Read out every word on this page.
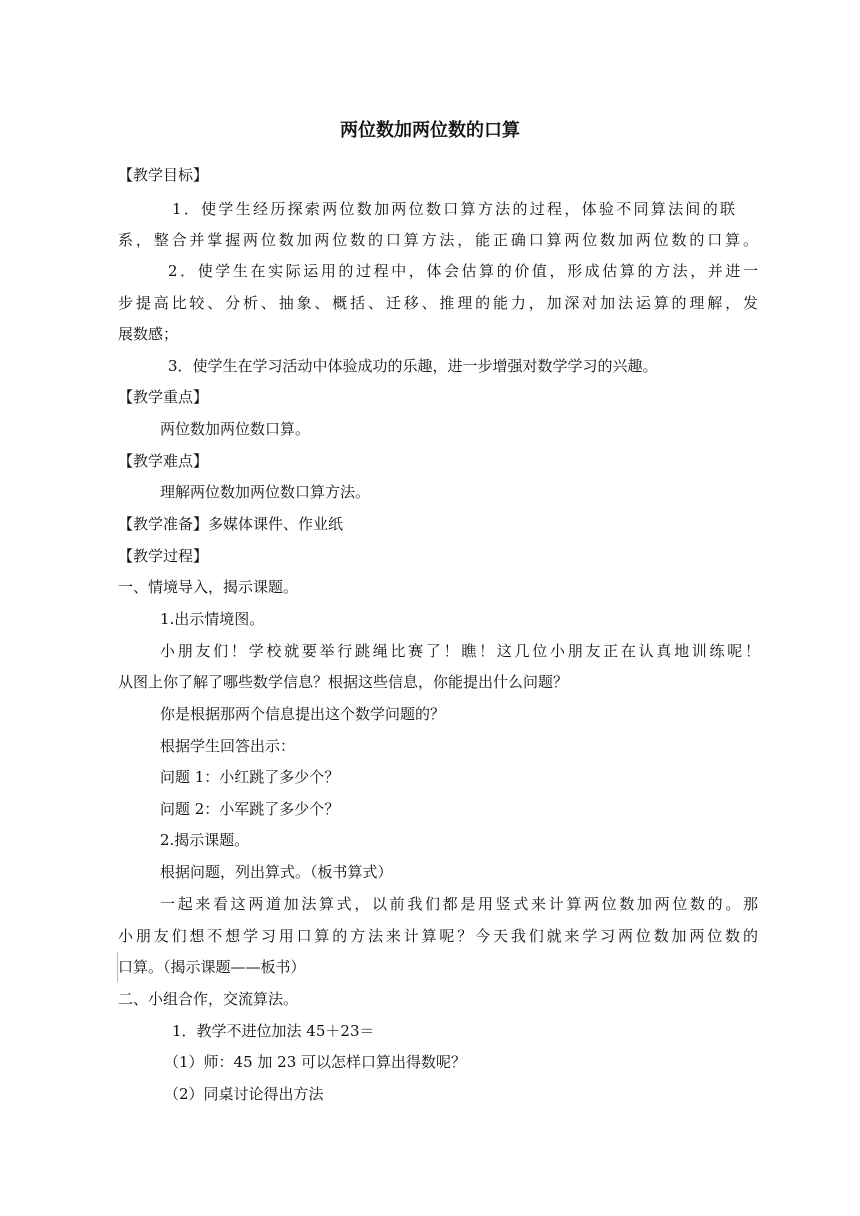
两位数加两位数的口算
【教学目标】
1．使学生经历探索两位数加两位数口算方法的过程，体验不同算法间的联
系，整合并掌握两位数加两位数的口算方法，能正确口算两位数加两位数的口算。
2．使学生在实际运用的过程中，体会估算的价值，形成估算的方法，并进一
步提高比较、分析、抽象、概括、迁移、推理的能力，加深对加法运算的理解，发
展数感；
3．使学生在学习活动中体验成功的乐趣，进一步增强对数学学习的兴趣。
【教学重点】
两位数加两位数口算。
【教学难点】
理解两位数加两位数口算方法。
【教学准备】多媒体课件、作业纸
【教学过程】
一、情境导入，揭示课题。
1.出示情境图。
小朋友们！学校就要举行跳绳比赛了！瞧！这几位小朋友正在认真地训练呢！
从图上你了解了哪些数学信息？根据这些信息，你能提出什么问题？
你是根据那两个信息提出这个数学问题的？
根据学生回答出示：
问题 1：小红跳了多少个？
问题 2：小军跳了多少个？
2.揭示课题。
根据问题，列出算式。（板书算式）
一起来看这两道加法算式，以前我们都是用竖式来计算两位数加两位数的。那
小朋友们想不想学习用口算的方法来计算呢？今天我们就来学习两位数加两位数的
口算。（揭示课题——板书）
二、小组合作，交流算法。
1．教学不进位加法 45＋23＝
（1）师：45 加 23 可以怎样口算出得数呢？
（2）同桌讨论得出方法
